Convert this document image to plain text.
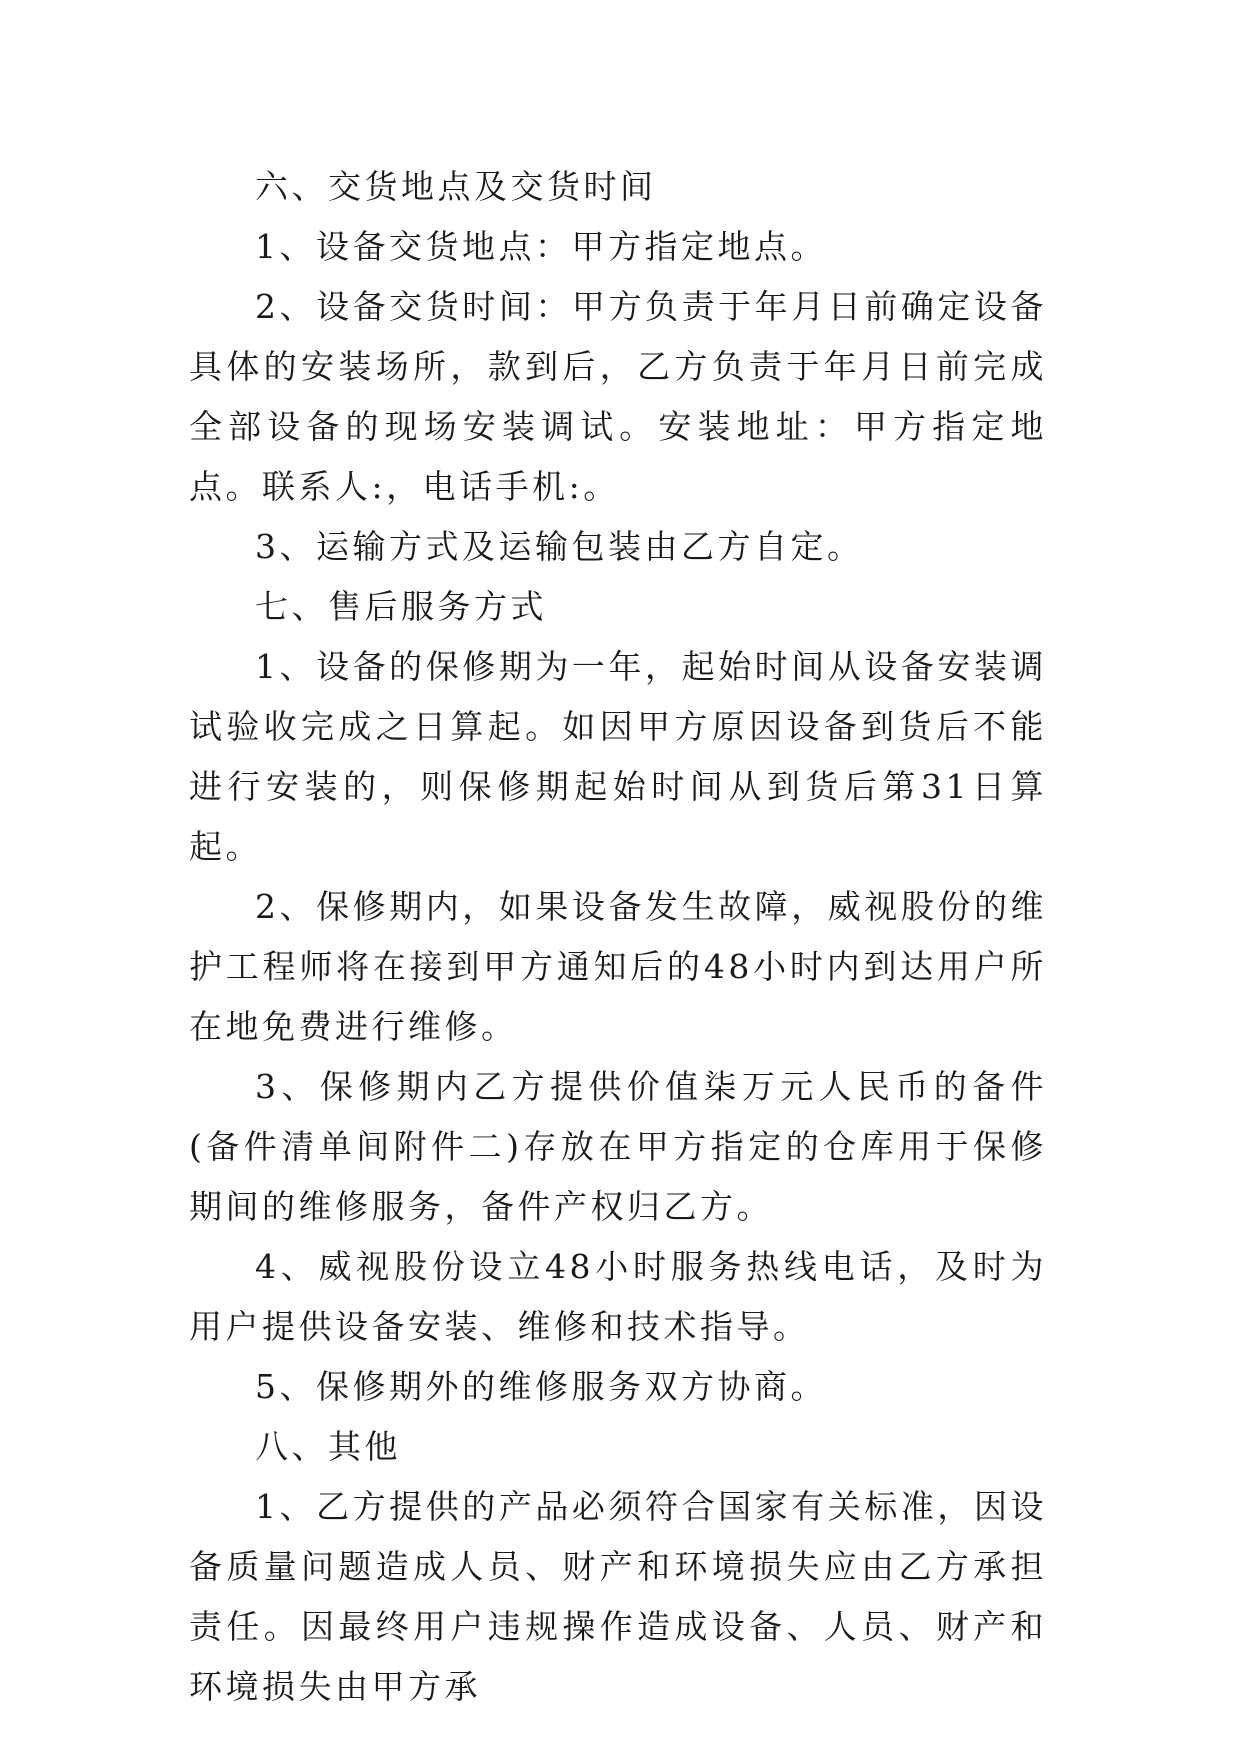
六、交货地点及交货时间

1、设备交货地点：甲方指定地点。

2、设备交货时间：甲方负责于年月日前确定设备具体的安装场所，款到后，乙方负责于年月日前完成全部设备的现场安装调试。安装地址：甲方指定地点。联系人:，电话手机:。

3、运输方式及运输包装由乙方自定。

七、售后服务方式

1、设备的保修期为一年，起始时间从设备安装调试验收完成之日算起。如因甲方原因设备到货后不能进行安装的，则保修期起始时间从到货后第31日算起。

2、保修期内，如果设备发生故障，威视股份的维护工程师将在接到甲方通知后的48小时内到达用户所在地免费进行维修。

3、保修期内乙方提供价值柒万元人民币的备件(备件清单间附件二)存放在甲方指定的仓库用于保修期间的维修服务，备件产权归乙方。

4、威视股份设立48小时服务热线电话，及时为用户提供设备安装、维修和技术指导。

5、保修期外的维修服务双方协商。

八、其他

1、乙方提供的产品必须符合国家有关标准，因设备质量问题造成人员、财产和环境损失应由乙方承担责任。因最终用户违规操作造成设备、人员、财产和环境损失由甲方承
